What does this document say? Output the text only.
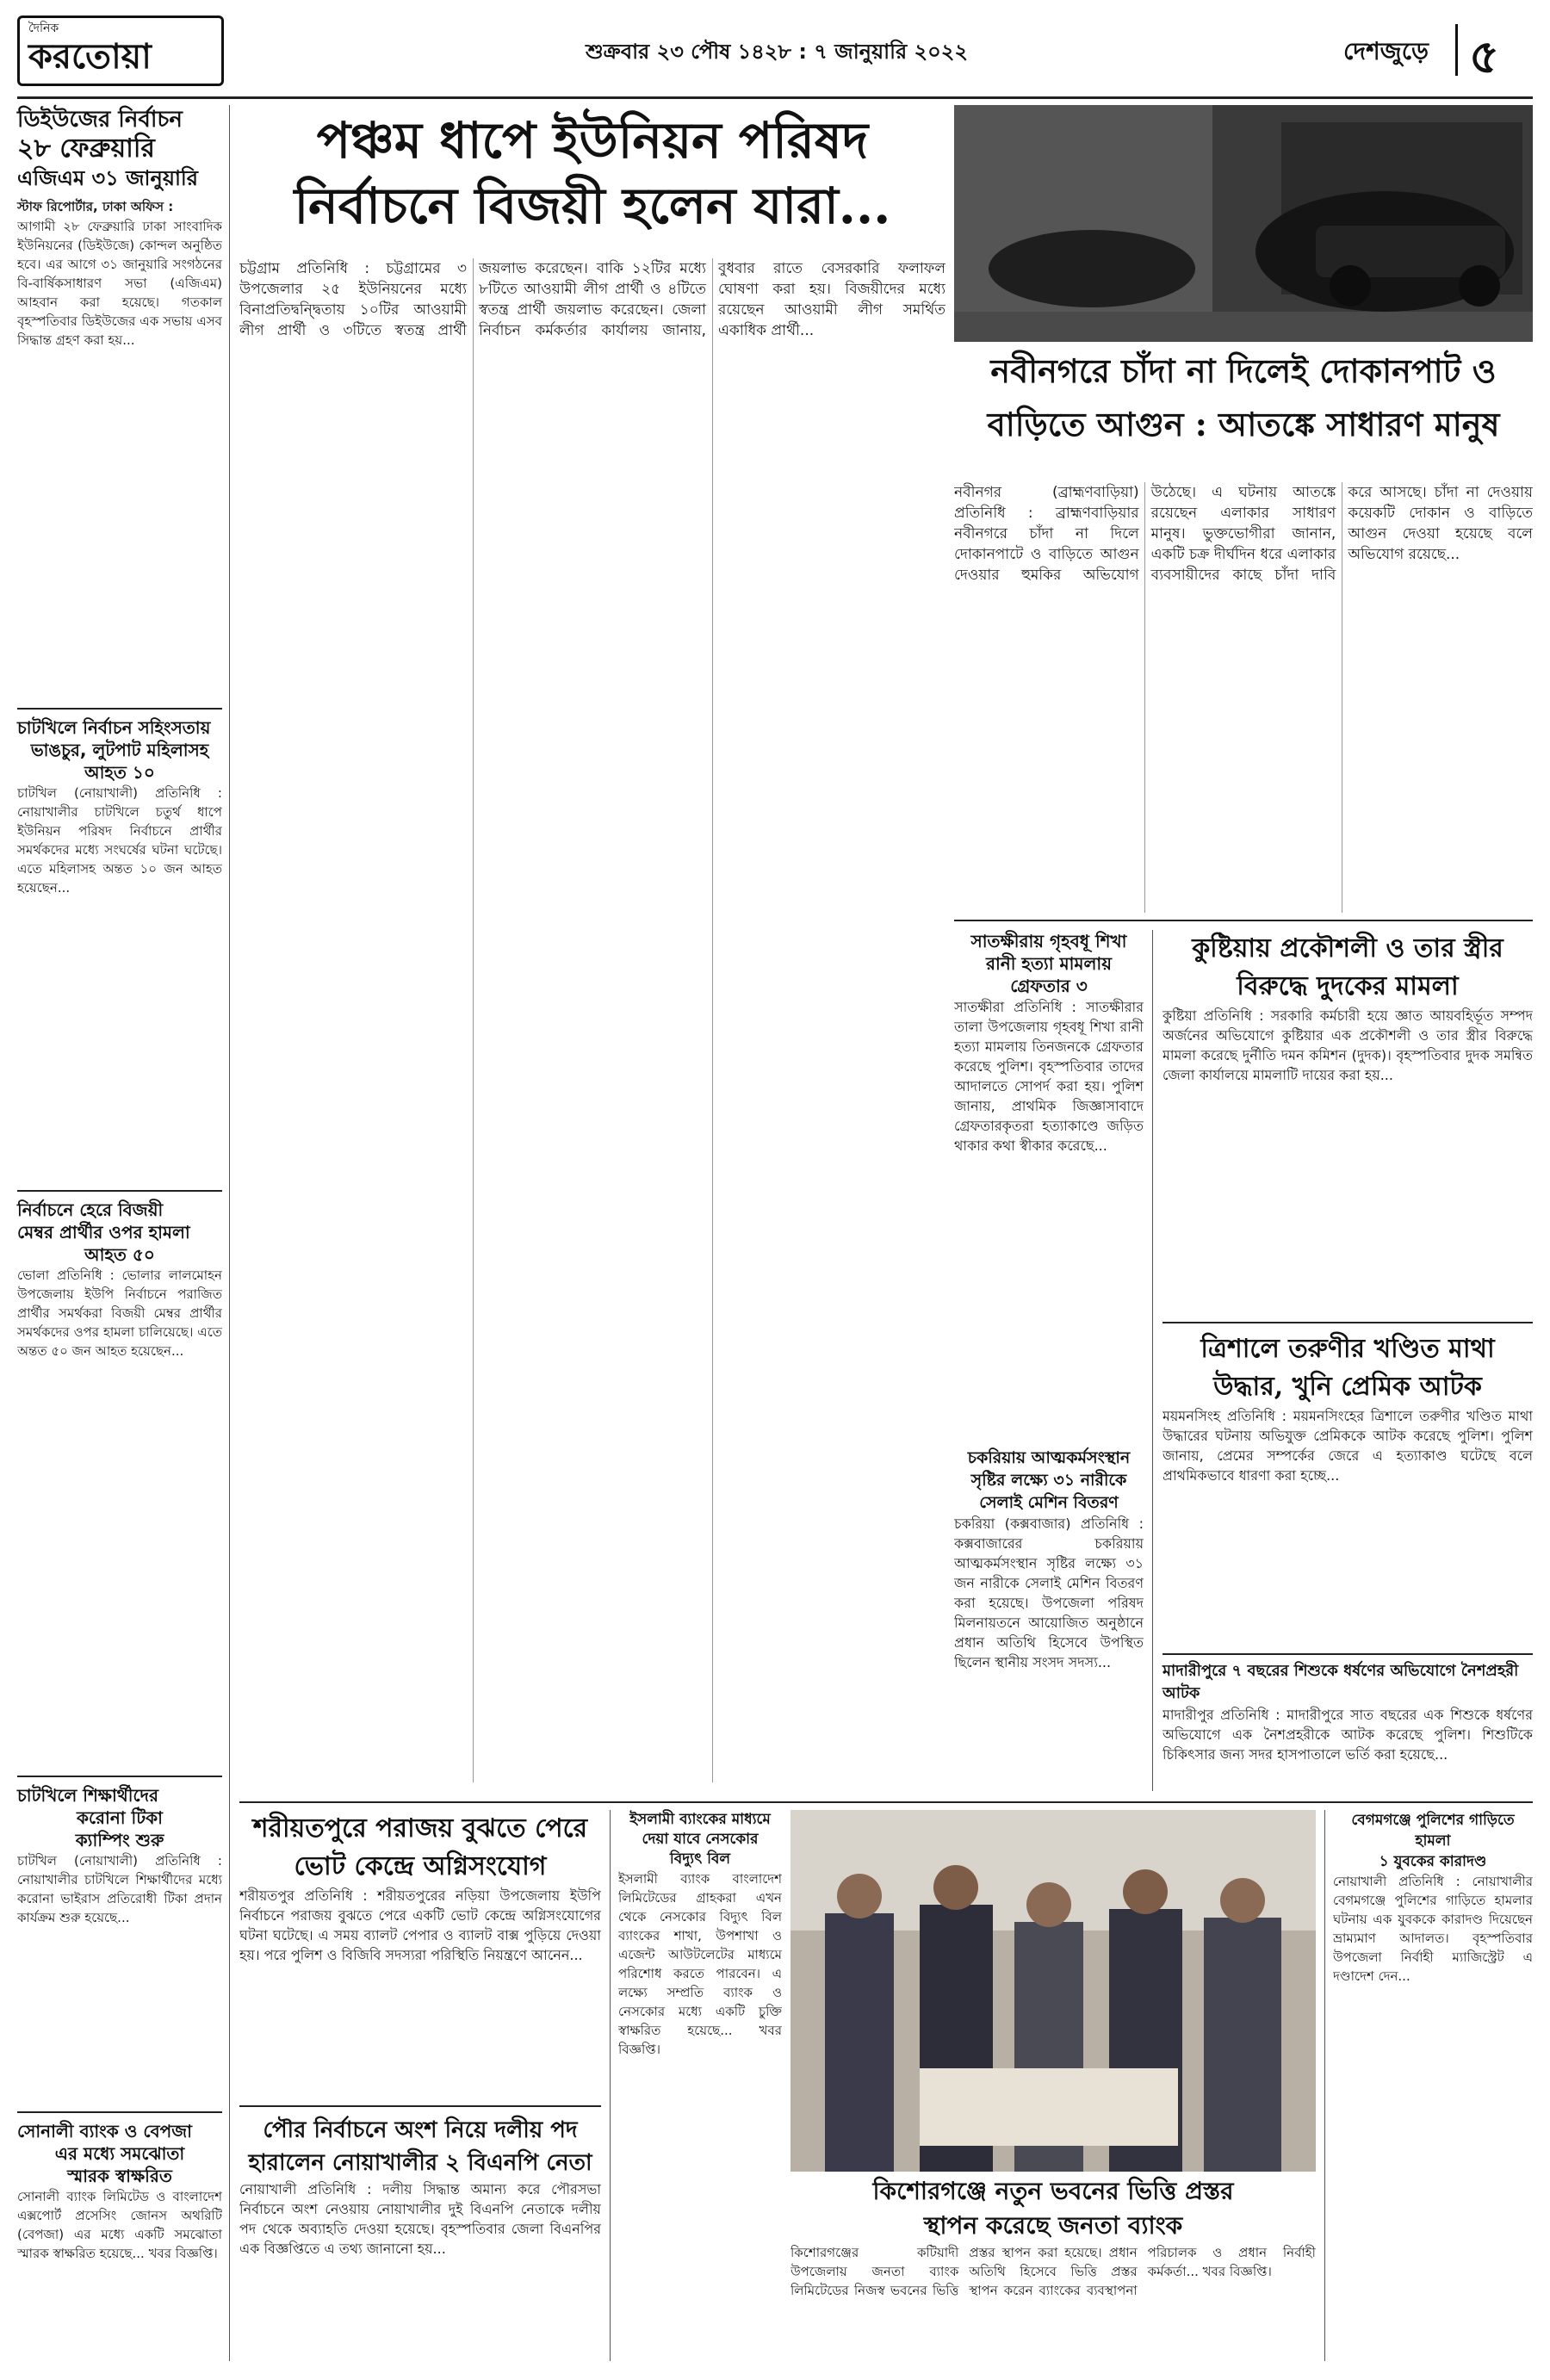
দৈনিক
করতোয়া	শুক্রবার ২৩ পৌষ ১৪২৮ : ৭ জানুয়ারি ২০২২	দেশজুড়ে ৫
ডিইউজের নির্বাচন
২৮ ফেব্রুয়ারি
এজিএম ৩১ জানুয়ারি
স্টাফ রিপোর্টার, ঢাকা অফিস :
আগামী ২৮ ফেব্রুয়ারি ঢাকা সাংবাদিক ইউনিয়নের (ডিইউজে) কোন্দল অনুষ্ঠিত হবে। এর আগে ৩১ জানুয়ারি সংগঠনের বি-বার্ষিকসাধারণ সভা (এজিএম) আহবান করা হয়েছে। গতকাল বৃহস্পতিবার ডিইউজের এক সভায় এসব সিদ্ধান্ত গ্রহণ করা হয়...
চাটখিলে নির্বাচন সহিংসতায়
ভাঙচুর, লুটপাট মহিলাসহ
আহত ১০
চাটখিল (নোয়াখালী) প্রতিনিধি : নোয়াখালীর চাটখিলে চতুর্থ ধাপে ইউনিয়ন পরিষদ নির্বাচনে প্রার্থীর সমর্থকদের মধ্যে সংঘর্ষের ঘটনা ঘটেছে। এতে মহিলাসহ অন্তত ১০ জন আহত হয়েছেন...
নির্বাচনে হেরে বিজয়ী
মেম্বর প্রার্থীর ওপর হামলা
আহত ৫০
ভোলা প্রতিনিধি : ভোলার লালমোহন উপজেলায় ইউপি নির্বাচনে পরাজিত প্রার্থীর সমর্থকরা বিজয়ী মেম্বর প্রার্থীর সমর্থকদের ওপর হামলা চালিয়েছে। এতে অন্তত ৫০ জন আহত হয়েছেন...
চাটখিলে শিক্ষার্থীদের
করোনা টিকা
ক্যাম্পিং শুরু
চাটখিল (নোয়াখালী) প্রতিনিধি : নোয়াখালীর চাটখিলে শিক্ষার্থীদের মধ্যে করোনা ভাইরাস প্রতিরোধী টিকা প্রদান কার্যক্রম শুরু হয়েছে...
সোনালী ব্যাংক ও বেপজা
এর মধ্যে সমঝোতা
স্মারক স্বাক্ষরিত
সোনালী ব্যাংক লিমিটেড ও বাংলাদেশ এক্সপোর্ট প্রসেসিং জোনস অথরিটি (বেপজা) এর মধ্যে একটি সমঝোতা স্মারক স্বাক্ষরিত হয়েছে... খবর বিজ্ঞপ্তি।
পঞ্চম ধাপে ইউনিয়ন পরিষদ
নির্বাচনে বিজয়ী হলেন যারা...
চট্টগ্রাম প্রতিনিধি : চট্টগ্রামের ৩ উপজেলার ২৫ ইউনিয়নের মধ্যে বিনাপ্রতিদ্বন্দ্বিতায় ১০টির আওয়ামী লীগ প্রার্থী ও ৩টিতে স্বতন্ত্র প্রার্থী জয়লাভ করেছেন। বাকি ১২টির মধ্যে ৮টিতে আওয়ামী লীগ প্রার্থী ও ৪টিতে স্বতন্ত্র প্রার্থী জয়লাভ করেছেন। জেলা নির্বাচন কর্মকর্তার কার্যালয় জানায়, বুধবার রাতে বেসরকারি ফলাফল ঘোষণা করা হয়। বিজয়ীদের মধ্যে রয়েছেন আওয়ামী লীগ সমর্থিত একাধিক প্রার্থী...
নবীনগরে চাঁদা না দিলেই দোকানপাট ও
বাড়িতে আগুন : আতঙ্কে সাধারণ মানুষ
নবীনগর (ব্রাহ্মণবাড়িয়া) প্রতিনিধি : ব্রাহ্মণবাড়িয়ার নবীনগরে চাঁদা না দিলে দোকানপাটে ও বাড়িতে আগুন দেওয়ার হুমকির অভিযোগ উঠেছে। এ ঘটনায় আতঙ্কে রয়েছেন এলাকার সাধারণ মানুষ। ভুক্তভোগীরা জানান, একটি চক্র দীর্ঘদিন ধরে এলাকার ব্যবসায়ীদের কাছে চাঁদা দাবি করে আসছে। চাঁদা না দেওয়ায় কয়েকটি দোকান ও বাড়িতে আগুন দেওয়া হয়েছে বলে অভিযোগ রয়েছে...
সাতক্ষীরায় গৃহবধূ শিখা
রানী হত্যা মামলায়
গ্রেফতার ৩
সাতক্ষীরা প্রতিনিধি : সাতক্ষীরার তালা উপজেলায় গৃহবধূ শিখা রানী হত্যা মামলায় তিনজনকে গ্রেফতার করেছে পুলিশ। বৃহস্পতিবার তাদের আদালতে সোপর্দ করা হয়। পুলিশ জানায়, প্রাথমিক জিজ্ঞাসাবাদে গ্রেফতারকৃতরা হত্যাকাণ্ডে জড়িত থাকার কথা স্বীকার করেছে...
কুষ্টিয়ায় প্রকৌশলী ও তার স্ত্রীর
বিরুদ্ধে দুদকের মামলা
কুষ্টিয়া প্রতিনিধি : সরকারি কর্মচারী হয়ে জ্ঞাত আয়বহির্ভূত সম্পদ অর্জনের অভিযোগে কুষ্টিয়ার এক প্রকৌশলী ও তার স্ত্রীর বিরুদ্ধে মামলা করেছে দুর্নীতি দমন কমিশন (দুদক)। বৃহস্পতিবার দুদক সমন্বিত জেলা কার্যালয়ে মামলাটি দায়ের করা হয়...
ত্রিশালে তরুণীর খণ্ডিত মাথা
উদ্ধার, খুনি প্রেমিক আটক
ময়মনসিংহ প্রতিনিধি : ময়মনসিংহের ত্রিশালে তরুণীর খণ্ডিত মাথা উদ্ধারের ঘটনায় অভিযুক্ত প্রেমিককে আটক করেছে পুলিশ। পুলিশ জানায়, প্রেমের সম্পর্কের জেরে এ হত্যাকাণ্ড ঘটেছে বলে প্রাথমিকভাবে ধারণা করা হচ্ছে...
চকরিয়ায় আত্মকর্মসংস্থান
সৃষ্টির লক্ষ্যে ৩১ নারীকে
সেলাই মেশিন বিতরণ
চকরিয়া (কক্সবাজার) প্রতিনিধি : কক্সবাজারের চকরিয়ায় আত্মকর্মসংস্থান সৃষ্টির লক্ষ্যে ৩১ জন নারীকে সেলাই মেশিন বিতরণ করা হয়েছে। উপজেলা পরিষদ মিলনায়তনে আয়োজিত অনুষ্ঠানে প্রধান অতিথি হিসেবে উপস্থিত ছিলেন স্থানীয় সংসদ সদস্য...	মাদারীপুরে ৭ বছরের শিশুকে ধর্ষণের অভিযোগে নৈশপ্রহরী আটক
মাদারীপুর প্রতিনিধি : মাদারীপুরে সাত বছরের এক শিশুকে ধর্ষণের অভিযোগে এক নৈশপ্রহরীকে আটক করেছে পুলিশ। শিশুটিকে চিকিৎসার জন্য সদর হাসপাতালে ভর্তি করা হয়েছে...
শরীয়তপুরে পরাজয় বুঝতে পেরে
ভোট কেন্দ্রে অগ্নিসংযোগ
শরীয়তপুর প্রতিনিধি : শরীয়তপুরের নড়িয়া উপজেলায় ইউপি নির্বাচনে পরাজয় বুঝতে পেরে একটি ভোট কেন্দ্রে অগ্নিসংযোগের ঘটনা ঘটেছে। এ সময় ব্যালট পেপার ও ব্যালট বাক্স পুড়িয়ে দেওয়া হয়। পরে পুলিশ ও বিজিবি সদস্যরা পরিস্থিতি নিয়ন্ত্রণে আনেন...
পৌর নির্বাচনে অংশ নিয়ে দলীয় পদ
হারালেন নোয়াখালীর ২ বিএনপি নেতা
নোয়াখালী প্রতিনিধি : দলীয় সিদ্ধান্ত অমান্য করে পৌরসভা নির্বাচনে অংশ নেওয়ায় নোয়াখালীর দুই বিএনপি নেতাকে দলীয় পদ থেকে অব্যাহতি দেওয়া হয়েছে। বৃহস্পতিবার জেলা বিএনপির এক বিজ্ঞপ্তিতে এ তথ্য জানানো হয়...
ইসলামী ব্যাংকের মাধ্যমে
দেয়া যাবে নেসকোর
বিদ্যুৎ বিল
ইসলামী ব্যাংক বাংলাদেশ লিমিটেডের গ্রাহকরা এখন থেকে নেসকোর বিদ্যুৎ বিল ব্যাংকের শাখা, উপশাখা ও এজেন্ট আউটলেটের মাধ্যমে পরিশোধ করতে পারবেন। এ লক্ষ্যে সম্প্রতি ব্যাংক ও নেসকোর মধ্যে একটি চুক্তি স্বাক্ষরিত হয়েছে... খবর বিজ্ঞপ্তি।
কিশোরগঞ্জে নতুন ভবনের ভিত্তি প্রস্তর
স্থাপন করেছে জনতা ব্যাংক
কিশোরগঞ্জের কটিয়াদী উপজেলায় জনতা ব্যাংক লিমিটেডের নিজস্ব ভবনের ভিত্তি প্রস্তর স্থাপন করা হয়েছে। প্রধান অতিথি হিসেবে ভিত্তি প্রস্তর স্থাপন করেন ব্যাংকের ব্যবস্থাপনা পরিচালক ও প্রধান নির্বাহী কর্মকর্তা... খবর বিজ্ঞপ্তি।
বেগমগঞ্জে পুলিশের গাড়িতে হামলা
১ যুবকের কারাদণ্ড
নোয়াখালী প্রতিনিধি : নোয়াখালীর বেগমগঞ্জে পুলিশের গাড়িতে হামলার ঘটনায় এক যুবককে কারাদণ্ড দিয়েছেন ভ্রাম্যমাণ আদালত। বৃহস্পতিবার উপজেলা নির্বাহী ম্যাজিস্ট্রেট এ দণ্ডাদেশ দেন...
